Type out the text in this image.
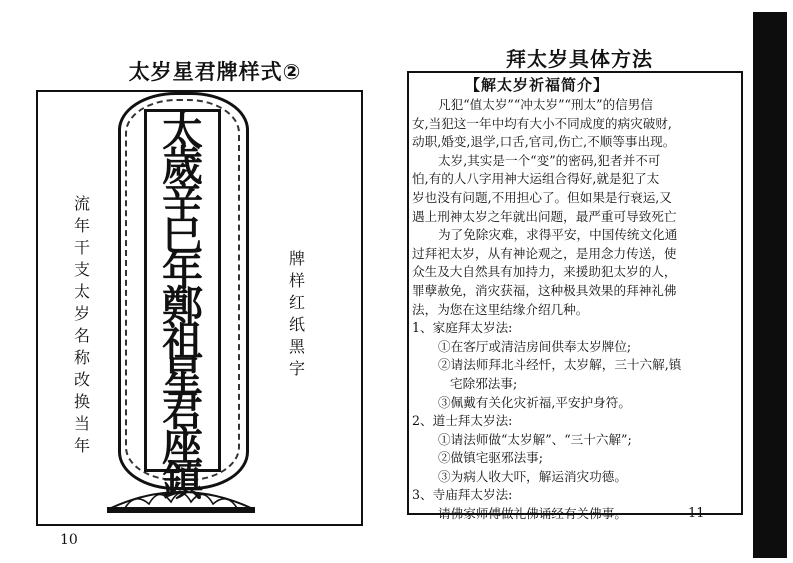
太岁星君牌样式②
太
歲
辛
巳
年
鄭
祖
星
君
座
鎮
流
年
干
支
太
岁
名
称
改
换
当
年
牌
样
红
纸
黑
字
10
拜太岁具体方法
【解太岁祈福简介】

凡犯“值太岁”“冲太岁”“刑太”的信男信

女,当犯这一年中均有大小不同成度的病灾破财,

动职,婚变,退学,口舌,官司,伤亡,不顺等事出现。

太岁,其实是一个“变”的密码,犯者并不可

怕,有的人八字用神大运组合得好,就是犯了太

岁也没有问题,不用担心了。但如果是行衰运,又

遇上刑神太岁之年就出问题，最严重可导致死亡

为了免除灾难，求得平安，中国传统文化通

过拜祀太岁，从有神论观之，是用念力传送，使

众生及大自然具有加持力，来援助犯太岁的人，

罪孽赦免，消灾获福，这种极具效果的拜神礼佛

法，为您在这里结缘介绍几种。

1、家庭拜太岁法:

①在客厅或清洁房间供奉太岁牌位;

②请法师拜北斗经忏，太岁解，三十六解,镇

宅除邪法事;

③佩戴有关化灾祈福,平安护身符。

2、道士拜太岁法:

①请法师做“太岁解”、“三十六解”;

②做镇宅驱邪法事;

③为病人收大吓，解运消灾功德。

3、寺庙拜太岁法:

请佛家师傅做礼佛诵经有关佛事。	11
